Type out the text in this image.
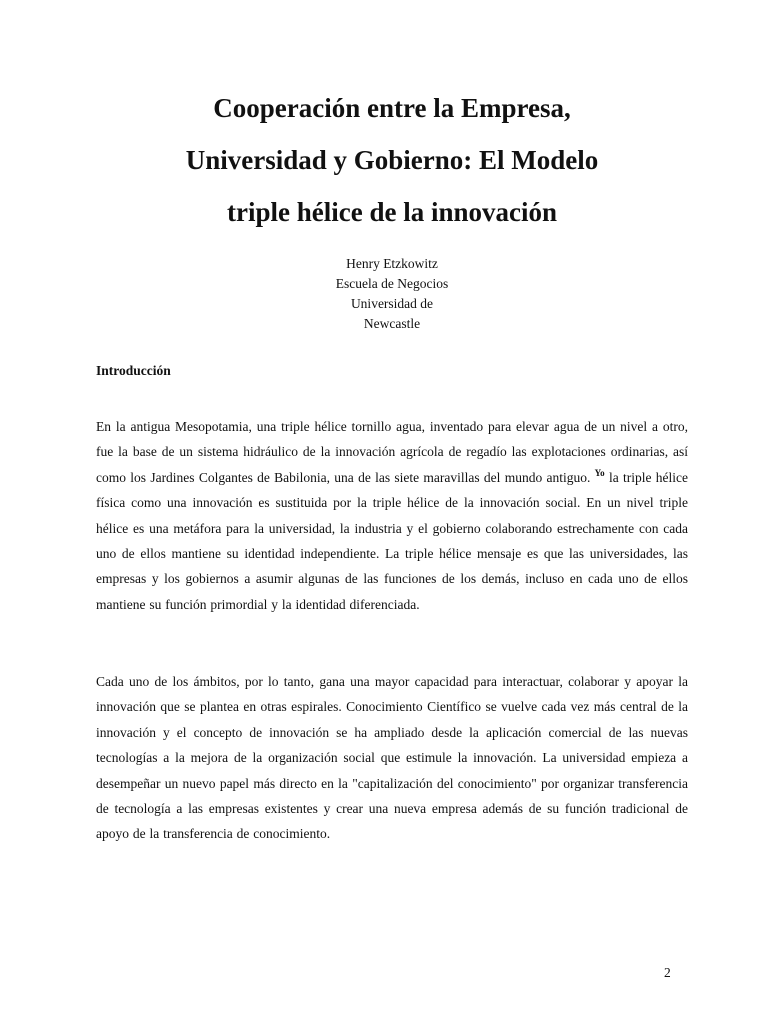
Cooperación entre la Empresa,
Universidad y Gobierno: El Modelo
triple hélice de la innovación
Henry Etzkowitz
Escuela de Negocios
Universidad de
Newcastle
Introducción

En la antigua Mesopotamia, una triple hélice tornillo agua, inventado para elevar agua de un nivel a otro, fue la base de un sistema hidráulico de la innovación agrícola de regadío las explotaciones ordinarias, así como los Jardines Colgantes de Babilonia, una de las siete maravillas del mundo antiguo. $^{Yo}$ la triple hélice física como una innovación es sustituida por la triple hélice de la innovación social. En un nivel triple hélice es una metáfora para la universidad, la industria y el gobierno colaborando estrechamente con cada uno de ellos mantiene su identidad independiente. La triple hélice mensaje es que las universidades, las empresas y los gobiernos a asumir algunas de las funciones de los demás, incluso en cada uno de ellos mantiene su función primordial y la identidad diferenciada.

Cada uno de los ámbitos, por lo tanto, gana una mayor capacidad para interactuar, colaborar y apoyar la innovación que se plantea en otras espirales. Conocimiento Científico se vuelve cada vez más central de la innovación y el concepto de innovación se ha ampliado desde la aplicación comercial de las nuevas tecnologías a la mejora de la organización social que estimule la innovación. La universidad empieza a desempeñar un nuevo papel más directo en la "capitalización del conocimiento" por organizar transferencia de tecnología a las empresas existentes y crear una nueva empresa además de su función tradicional de apoyo de la transferencia de conocimiento.

2
